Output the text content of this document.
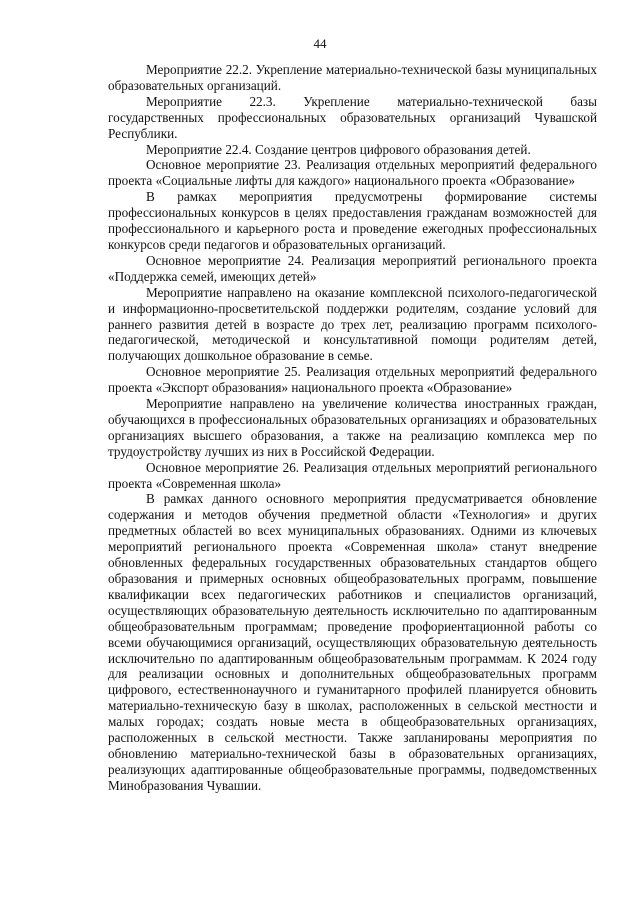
44

Мероприятие 22.2. Укрепление материально-технической базы муниципальных образовательных организаций.

Мероприятие 22.3. Укрепление материально-технической базы государственных профессиональных образовательных организаций Чувашской Республики.

Мероприятие 22.4. Создание центров цифрового образования детей.

Основное мероприятие 23. Реализация отдельных мероприятий федерального проекта «Социальные лифты для каждого» национального проекта «Образование»

В рамках мероприятия предусмотрены формирование системы профессиональных конкурсов в целях предоставления гражданам возможностей для профессионального и карьерного роста и проведение ежегодных профессиональных конкурсов среди педагогов и образовательных организаций.

Основное мероприятие 24. Реализация мероприятий регионального проекта «Поддержка семей, имеющих детей»

Мероприятие направлено на оказание комплексной психолого-педагогической и информационно-просветительской поддержки родителям, создание условий для раннего развития детей в возрасте до трех лет, реализацию программ психолого-педагогической, методической и консультативной помощи родителям детей, получающих дошкольное образование в семье.

Основное мероприятие 25. Реализация отдельных мероприятий федерального проекта «Экспорт образования» национального проекта «Образование»

Мероприятие направлено на увеличение количества иностранных граждан, обучающихся в профессиональных образовательных организациях и образовательных организациях высшего образования, а также на реализацию комплекса мер по трудоустройству лучших из них в Российской Федерации.

Основное мероприятие 26. Реализация отдельных мероприятий регионального проекта «Современная школа»

В рамках данного основного мероприятия предусматривается обновление содержания и методов обучения предметной области «Технология» и других предметных областей во всех муниципальных образованиях. Одними из ключевых мероприятий регионального проекта «Современная школа» станут внедрение обновленных федеральных государственных образовательных стандартов общего образования и примерных основных общеобразовательных программ, повышение квалификации всех педагогических работников и специалистов организаций, осуществляющих образовательную деятельность исключительно по адаптированным общеобразовательным программам; проведение профориентационной работы со всеми обучающимися организаций, осуществляющих образовательную деятельность исключительно по адаптированным общеобразовательным программам. К 2024 году для реализации основных и дополнительных общеобразовательных программ цифрового, естественнонаучного и гуманитарного профилей планируется обновить материально-техническую базу в школах, расположенных в сельской местности и малых городах; создать новые места в общеобразовательных организациях, расположенных в сельской местности. Также запланированы мероприятия по обновлению материально-технической базы в образовательных организациях, реализующих адаптированные общеобразовательные программы, подведомственных Минобразования Чувашии.
